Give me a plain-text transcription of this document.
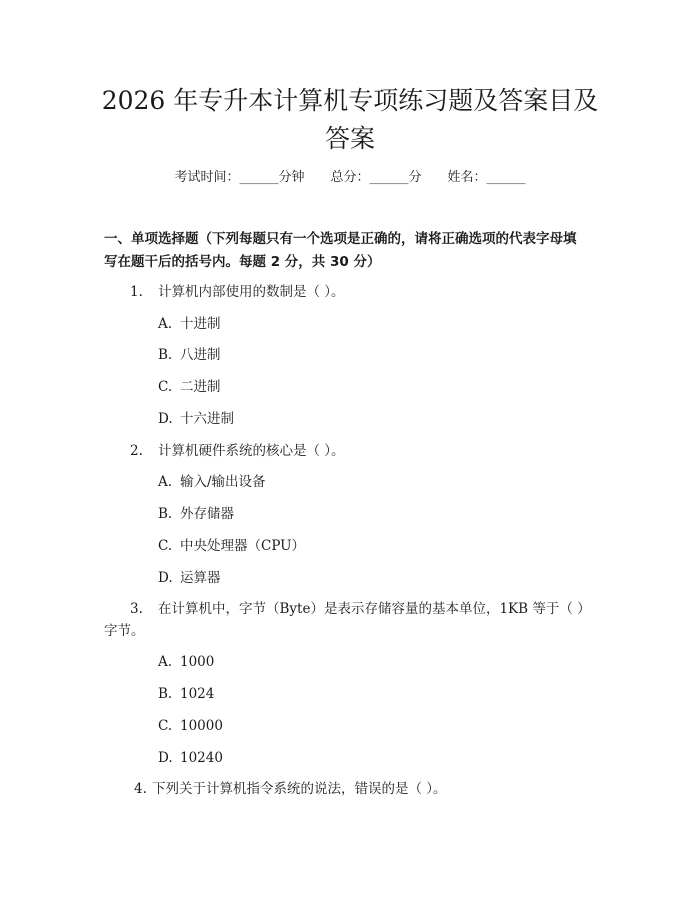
2026 年专升本计算机专项练习题及答案目及
答案
考试时间：______分钟 总分：______分 姓名：______
一、单项选择题（下列每题只有一个选项是正确的，请将正确选项的代表字母填
写在题干后的括号内。每题 2 分，共 30 分）
1. 计算机内部使用的数制是（ ）。
A. 十进制
B. 八进制
C. 二进制
D. 十六进制
2. 计算机硬件系统的核心是（ ）。
A. 输入/输出设备
B. 外存储器
C. 中央处理器（CPU）
D. 运算器
3. 在计算机中，字节（Byte）是表示存储容量的基本单位，1KB 等于（ ）
字节。
A. 1000
B. 1024
C. 10000
D. 10240
4. 下列关于计算机指令系统的说法，错误的是（ ）。
